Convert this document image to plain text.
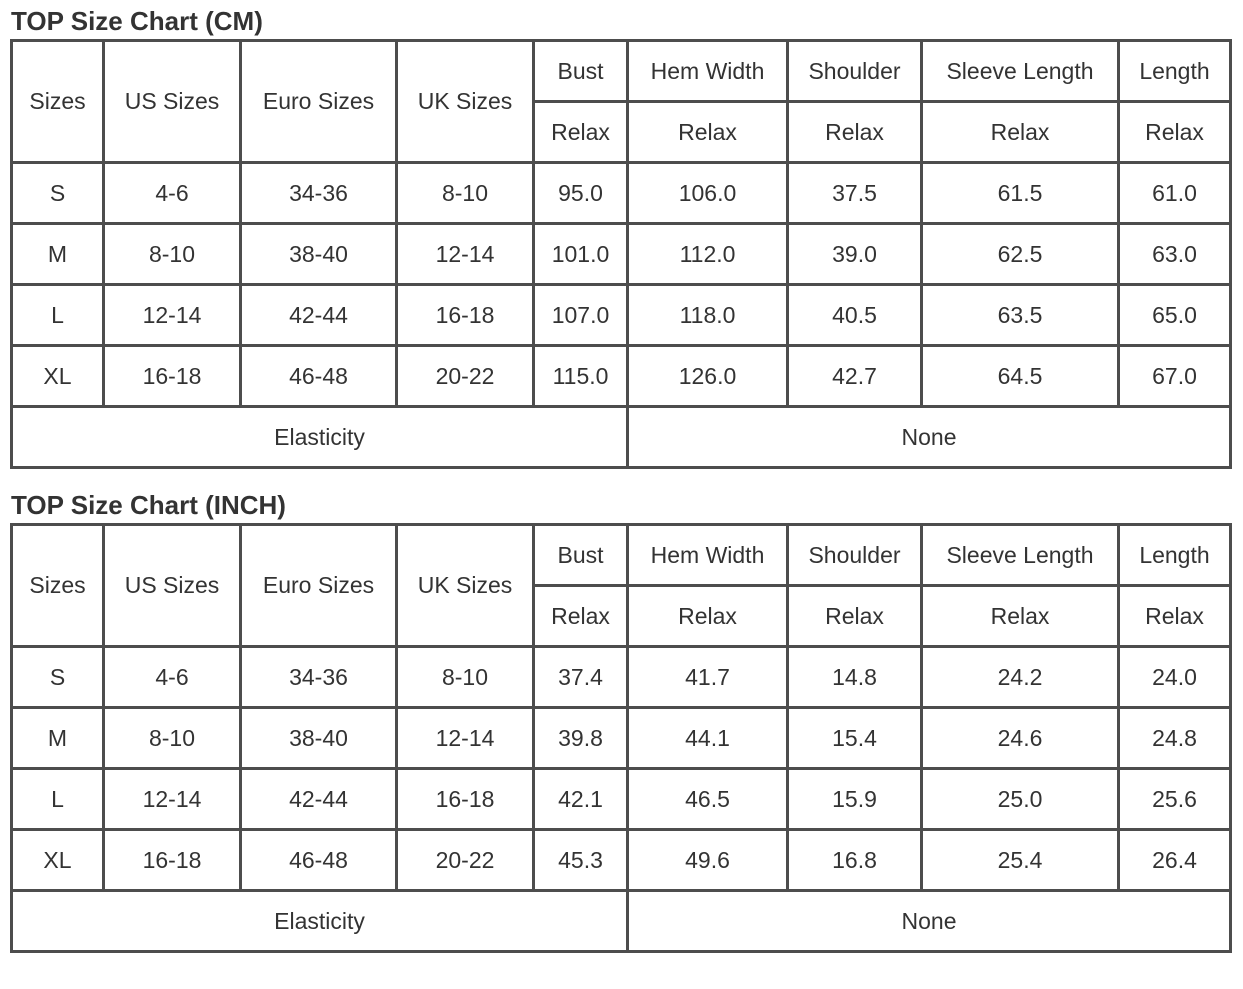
TOP Size Chart (CM)
Sizes	US Sizes	Euro Sizes	UK Sizes	Bust	Hem Width	Shoulder	Sleeve Length	Length
				Relax	Relax	Relax	Relax	Relax
S	4-6	34-36	8-10	95.0	106.0	37.5	61.5	61.0
M	8-10	38-40	12-14	101.0	112.0	39.0	62.5	63.0
L	12-14	42-44	16-18	107.0	118.0	40.5	63.5	65.0
XL	16-18	46-48	20-22	115.0	126.0	42.7	64.5	67.0
Elasticity					None			
TOP Size Chart (INCH)
Sizes	US Sizes	Euro Sizes	UK Sizes	Bust	Hem Width	Shoulder	Sleeve Length	Length
				Relax	Relax	Relax	Relax	Relax
S	4-6	34-36	8-10	37.4	41.7	14.8	24.2	24.0
M	8-10	38-40	12-14	39.8	44.1	15.4	24.6	24.8
L	12-14	42-44	16-18	42.1	46.5	15.9	25.0	25.6
XL	16-18	46-48	20-22	45.3	49.6	16.8	25.4	26.4
Elasticity					None			
